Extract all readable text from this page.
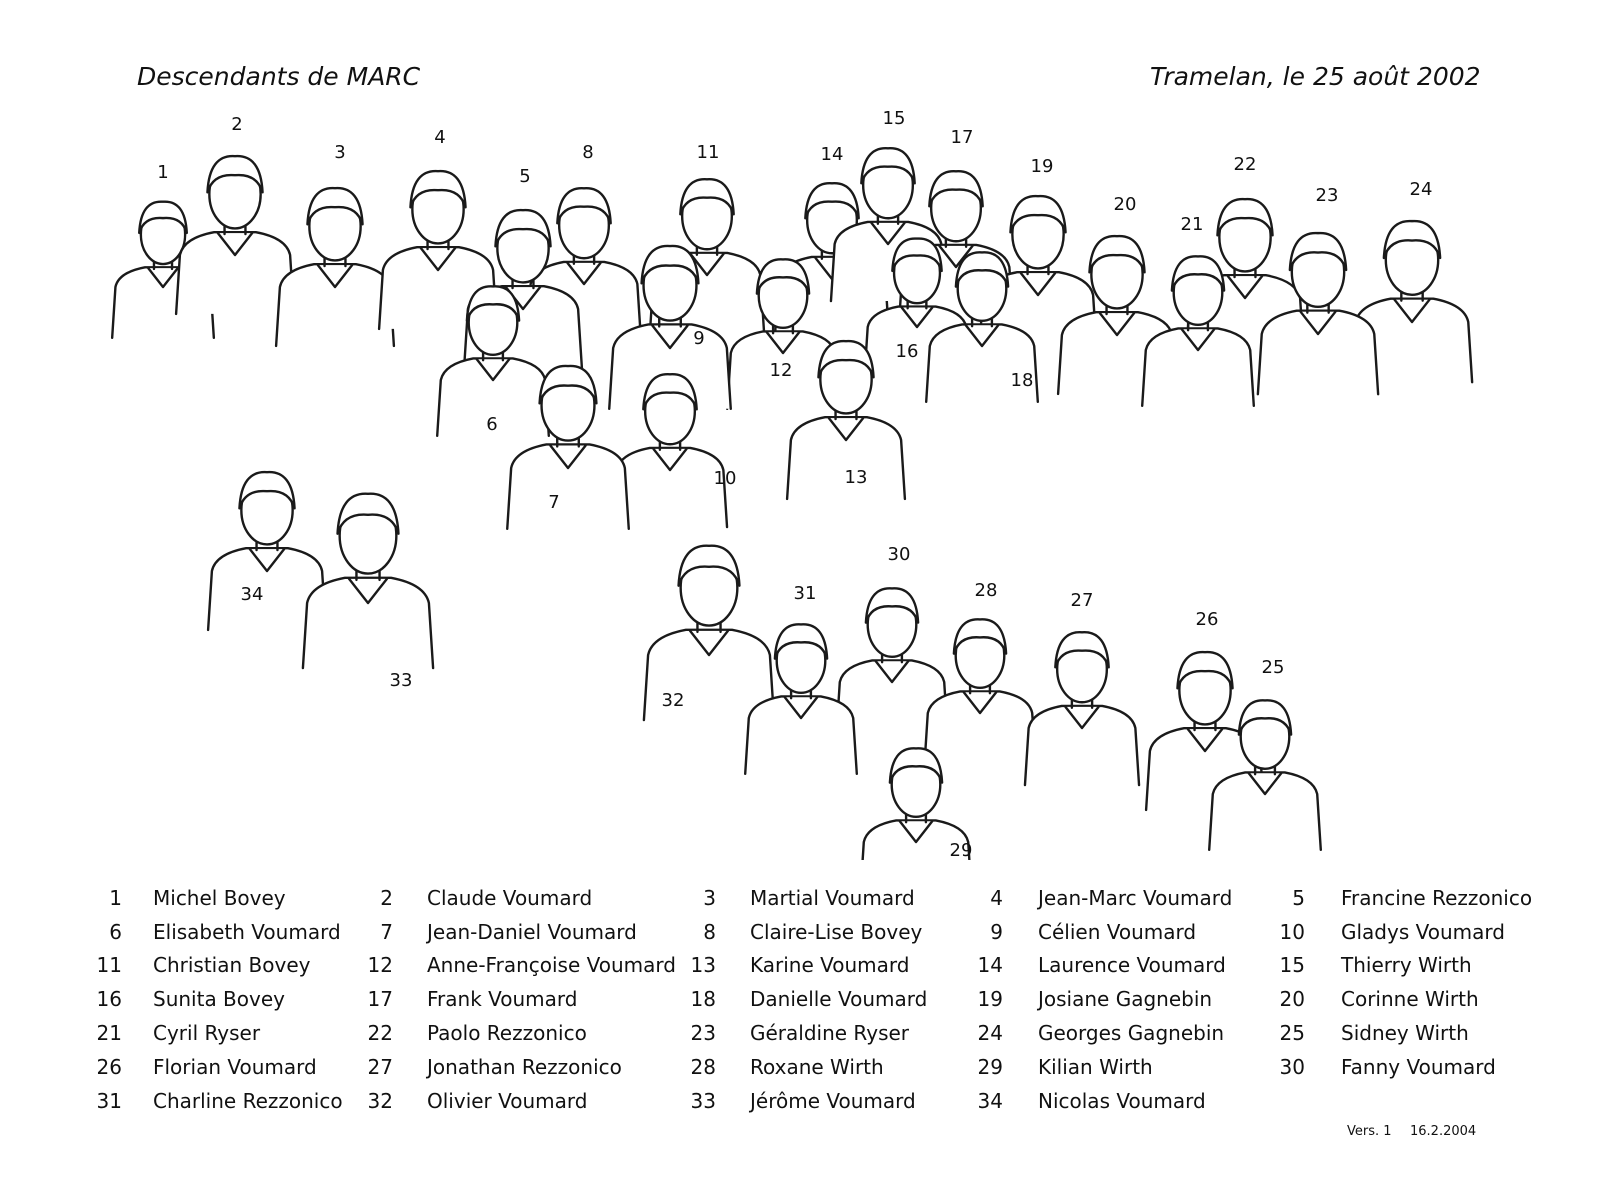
Descendants de MARC	Tramelan, le 25 août 2002
1
2
3
4
8	11	14
15
17
19
20
22
24
23
21
5
16
18
12
9
6
13
10
7
34
33
32
30
31	28	27
26
25
29
1 Michel Bovey	2 Claude Voumard	3 Martial Voumard	4 Jean-Marc Voumard	5 Francine Rezzonico
6 Elisabeth Voumard	7 Jean-Daniel Voumard	8 Claire-Lise Bovey	9 Célien Voumard	10 Gladys Voumard
11 Christian Bovey	12 Anne-Françoise Voumard 13 Karine Voumard	14 Laurence Voumard	15 Thierry Wirth
16 Sunita Bovey	17 Frank Voumard	18 Danielle Voumard	19 Josiane Gagnebin	20 Corinne Wirth
21 Cyril Ryser	22 Paolo Rezzonico	23 Géraldine Ryser	24 Georges Gagnebin	25 Sidney Wirth
26 Florian Voumard	27 Jonathan Rezzonico	28 Roxane Wirth	29 Kilian Wirth	30 Fanny Voumard
31 Charline Rezzonico	32 Olivier Voumard	33 Jérôme Voumard	34 Nicolas Voumard
Vers. 1 16.2.2004
